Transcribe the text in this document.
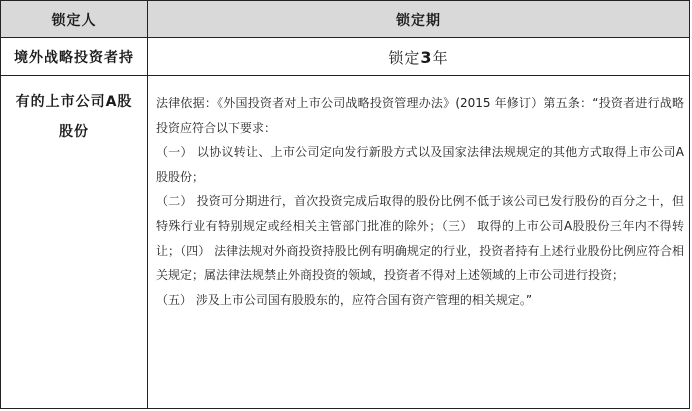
锁定人	锁定期
境外战略投资者持	锁定 3 年
有的上市公司A股
股份

法律依据：《外国投资者对上市公司战略投资管理办法》(2015 年修订）第五条：“投资者进行战略投资应符合以下要求：

（一） 以协议转让、上市公司定向发行新股方式以及国家法律法规规定的其他方式取得上市公司A股股份；

（二） 投资可分期进行，首次投资完成后取得的股份比例不低于该公司已发行股份的百分之十，但特殊行业有特别规定或经相关主管部门批准的除外；（三） 取得的上市公司A股股份三年内不得转让；（四） 法律法规对外商投资持股比例有明确规定的行业，投资者持有上述行业股份比例应符合相关规定；属法律法规禁止外商投资的领域，投资者不得对上述领域的上市公司进行投资；

（五） 涉及上市公司国有股股东的，应符合国有资产管理的相关规定。”
